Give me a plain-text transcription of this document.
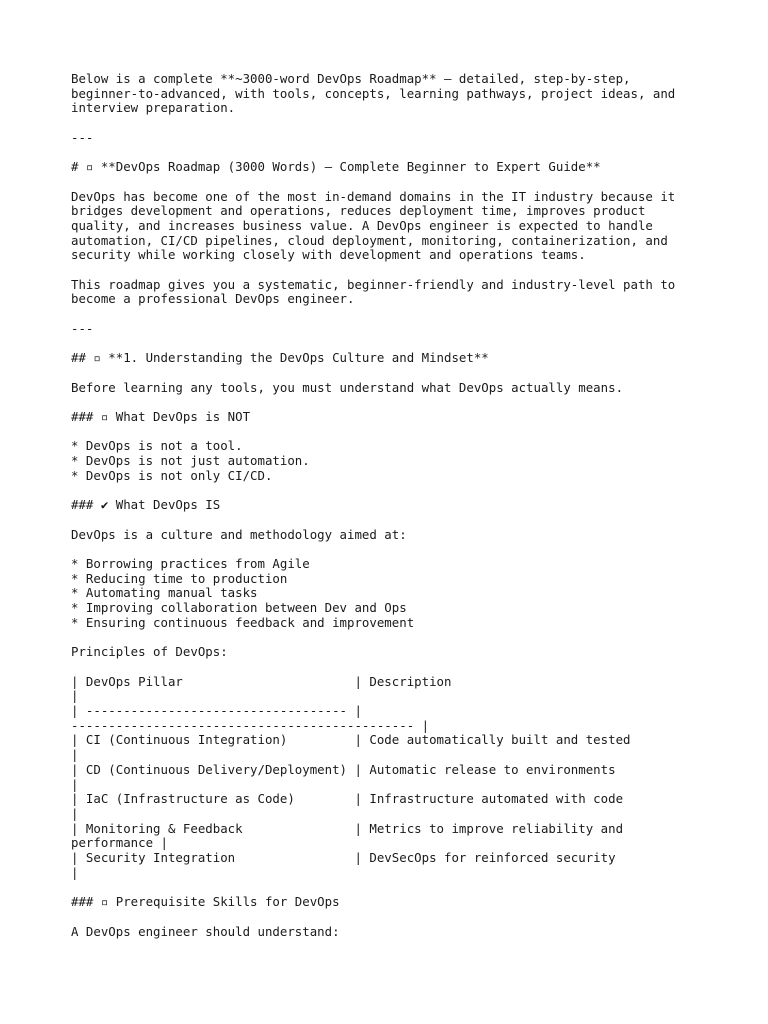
Below is a complete **~3000-word DevOps Roadmap** — detailed, step-by-step,
beginner-to-advanced, with tools, concepts, learning pathways, project ideas, and
interview preparation.
---
# ▫ **DevOps Roadmap (3000 Words) — Complete Beginner to Expert Guide**
DevOps has become one of the most in-demand domains in the IT industry because it
bridges development and operations, reduces deployment time, improves product
quality, and increases business value. A DevOps engineer is expected to handle
automation, CI/CD pipelines, cloud deployment, monitoring, containerization, and
security while working closely with development and operations teams.
This roadmap gives you a systematic, beginner-friendly and industry-level path to
become a professional DevOps engineer.
---
## ▫ **1. Understanding the DevOps Culture and Mindset**
Before learning any tools, you must understand what DevOps actually means.
### ▫ What DevOps is NOT
* DevOps is not a tool.
* DevOps is not just automation.
* DevOps is not only CI/CD.
### ✔ What DevOps IS
DevOps is a culture and methodology aimed at:
* Borrowing practices from Agile
* Reducing time to production
* Automating manual tasks
* Improving collaboration between Dev and Ops
* Ensuring continuous feedback and improvement
Principles of DevOps:
| DevOps Pillar                       | Description
|
| ----------------------------------- |
---------------------------------------------- |
| CI (Continuous Integration)         | Code automatically built and tested
|
| CD (Continuous Delivery/Deployment) | Automatic release to environments
|
| IaC (Infrastructure as Code)        | Infrastructure automated with code
|
| Monitoring & Feedback               | Metrics to improve reliability and
performance |
| Security Integration                | DevSecOps for reinforced security
|
### ▫ Prerequisite Skills for DevOps
A DevOps engineer should understand:
